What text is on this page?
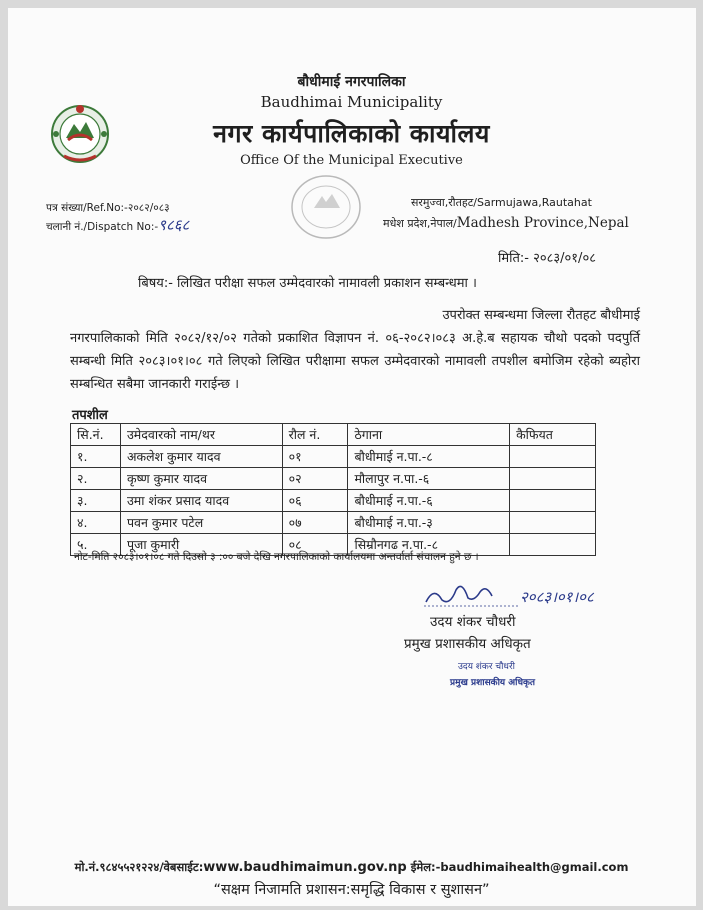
बौधीमाई नगरपालिका
Baudhimai Municipality
नगर कार्यपालिकाको कार्यालय
Office Of the Municipal Executive
पत्र संख्या/Ref.No:-२०८२/०८३
चलानी नं./Dispatch No:-९८६८
सरमुज्वा,रौतहट/Sarmujawa,Rautahat
मधेश प्रदेश,नेपाल/Madhesh Province,Nepal
मिति:- २०८३/०१/०८
बिषय:- लिखित परीक्षा सफल उम्मेदवारको नामावली प्रकाशन सम्बन्धमा ।
उपरोक्त सम्बन्धमा जिल्ला रौतहट बौधीमाई
नगरपालिकाको मिति २०८२/१२/०२ गतेको प्रकाशित विज्ञापन नं. ०६-२०८२।०८३ अ.हे.ब सहायक चौथो पदको पदपुर्ति सम्बन्धी मिति २०८३।०१।०८ गते लिएको लिखित परीक्षामा सफल उम्मेदवारको नामावली तपशील बमोजिम रहेको ब्यहोरा सम्बन्धित सबैमा जानकारी गराईन्छ ।
तपशील
सि.नं.	उमेदवारको नाम/थर	रौल नं.	ठेगाना	कैफियत
१.	अकलेश कुमार यादव	०१	बौधीमाई न.पा.-८	
२.	कृष्ण कुमार यादव	०२	मौलापुर न.पा.-६	
३.	उमा शंकर प्रसाद यादव	०६	बौधीमाई न.पा.-६	
४.	पवन कुमार पटेल	०७	बौधीमाई न.पा.-३	
५.	पूजा कुमारी	०८	सिम्रौनगढ न.पा.-८	
नोट-मिति २०८३।०१।०८ गते दिउसो ३ :०० बजे देखि नगरपालिकाको कार्यालयमा अन्तर्वार्ता संचालन हुने छ ।
२०८३।०१।०८
उदय शंकर चौधरी
प्रमुख प्रशासकीय अधिकृत
उदय शंकर चौधरी
प्रमुख प्रशासकीय अधिकृत
मो.नं.९८४५५२१२२४/वेबसाईट:www.baudhimaimun.gov.np ईमेल:-baudhimaihealth@gmail.com
“सक्षम निजामति प्रशासन:समृद्धि विकास र सुशासन”
